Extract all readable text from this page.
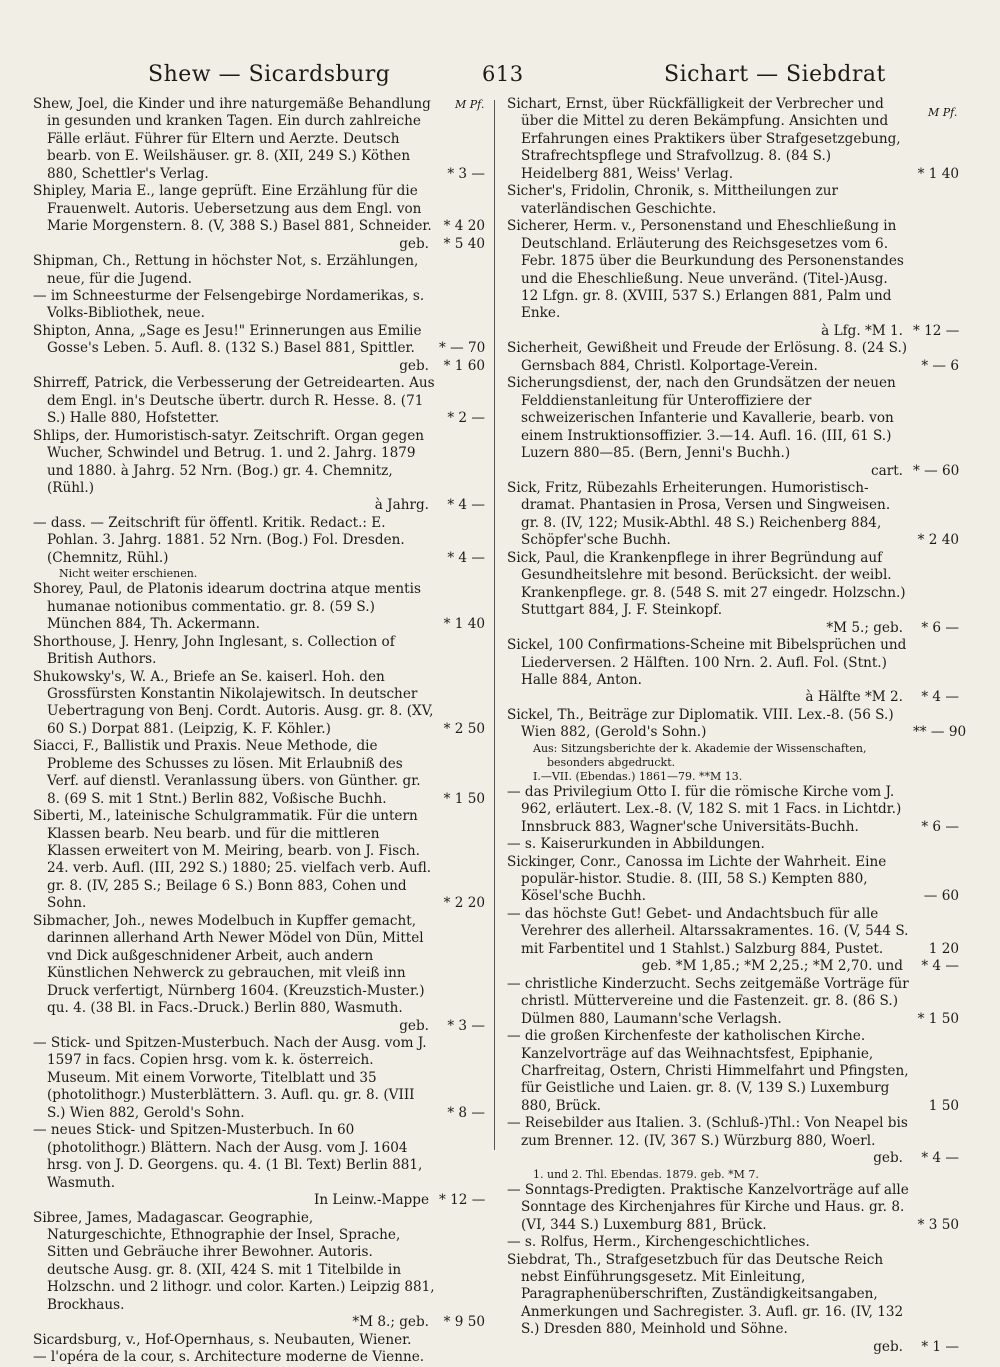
Shew — Sicardsburg	613	Sichart — Siebdrat
M Pf.
M Pf.
Shew, Joel, die Kinder und ihre naturgemäße Behandlung in gesunden und kranken Tagen. Ein durch zahlreiche Fälle erläut. Führer für Eltern und Aerzte. Deutsch bearb. von E. Weilshäuser. gr. 8. (XII, 249 S.) Köthen 880, Schettler's Verlag.	* 3 —
Shipley, Maria E., lange geprüft. Eine Erzählung für die Frauenwelt. Autoris. Uebersetzung aus dem Engl. von Marie Morgenstern. 8. (V, 388 S.) Basel 881, Schneider. * 4 20
geb.	* 5 40
Shipman, Ch., Rettung in höchster Not, s. Erzählungen, neue, für die Jugend.
— im Schneesturme der Felsengebirge Nordamerikas, s. Volks-Bibliothek, neue.
Shipton, Anna, „Sage es Jesu!" Erinnerungen aus Emilie Gosse's Leben. 5. Aufl. 8. (132 S.) Basel 881, Spittler. * — 70
geb.	* 1 60
Shirreff, Patrick, die Verbesserung der Getreidearten. Aus dem Engl. in's Deutsche übertr. durch R. Hesse. 8. (71 S.) Halle 880, Hofstetter.	* 2 —
Shlips, der. Humoristisch-satyr. Zeitschrift. Organ gegen Wucher, Schwindel und Betrug. 1. und 2. Jahrg. 1879 und 1880. à Jahrg. 52 Nrn. (Bog.) gr. 4. Chemnitz, (Rühl.)
à Jahrg.	* 4 —
— dass. — Zeitschrift für öffentl. Kritik. Redact.: E. Pohlan. 3. Jahrg. 1881. 52 Nrn. (Bog.) Fol. Dresden. (Chemnitz, Rühl.)	* 4 —
Nicht weiter erschienen.
Shorey, Paul, de Platonis idearum doctrina atque mentis humanae notionibus commentatio. gr. 8. (59 S.) München 884, Th. Ackermann.	* 1 40
Shorthouse, J. Henry, John Inglesant, s. Collection of British Authors.
Shukowsky's, W. A., Briefe an Se. kaiserl. Hoh. den Grossfürsten Konstantin Nikolajewitsch. In deutscher Uebertragung von Benj. Cordt. Autoris. Ausg. gr. 8. (XV, 60 S.) Dorpat 881. (Leipzig, K. F. Köhler.)	* 2 50
Siacci, F., Ballistik und Praxis. Neue Methode, die Probleme des Schusses zu lösen. Mit Erlaubniß des Verf. auf dienstl. Veranlassung übers. von Günther. gr. 8. (69 S. mit 1 Stnt.) Berlin 882, Voßische Buchh.	* 1 50
Siberti, M., lateinische Schulgrammatik. Für die untern Klassen bearb. Neu bearb. und für die mittleren Klassen erweitert von M. Meiring, bearb. von J. Fisch. 24. verb. Aufl. (III, 292 S.) 1880; 25. vielfach verb. Aufl. gr. 8. (IV, 285 S.; Beilage 6 S.) Bonn 883, Cohen und Sohn.	* 2 20
Sibmacher, Joh., newes Modelbuch in Kupffer gemacht, darinnen allerhand Arth Newer Mödel von Dün, Mittel vnd Dick außgeschnidener Arbeit, auch andern Künstlichen Nehwerck zu gebrauchen, mit vleiß inn Druck verfertigt, Nürnberg 1604. (Kreuzstich-Muster.) qu. 4. (38 Bl. in Facs.-Druck.) Berlin 880, Wasmuth.
geb.	* 3 —
— Stick- und Spitzen-Musterbuch. Nach der Ausg. vom J. 1597 in facs. Copien hrsg. vom k. k. österreich. Museum. Mit einem Vorworte, Titelblatt und 35 (photolithogr.) Musterblättern. 3. Aufl. qu. gr. 8. (VIII S.) Wien 882, Gerold's Sohn.	* 8 —
— neues Stick- und Spitzen-Musterbuch. In 60 (photolithogr.) Blättern. Nach der Ausg. vom J. 1604 hrsg. von J. D. Georgens. qu. 4. (1 Bl. Text) Berlin 881, Wasmuth.
In Leinw.-Mappe * 12 —
Sibree, James, Madagascar. Geographie, Naturgeschichte, Ethnographie der Insel, Sprache, Sitten und Gebräuche ihrer Bewohner. Autoris. deutsche Ausg. gr. 8. (XII, 424 S. mit 1 Titelbilde in Holzschn. und 2 lithogr. und color. Karten.) Leipzig 881, Brockhaus.
*M 8.; geb.	* 9 50
Sicardsburg, v., Hof-Opernhaus, s. Neubauten, Wiener.
— l'opéra de la cour, s. Architecture moderne de Vienne.
Sichart, Ernst, über Rückfälligkeit der Verbrecher und über die Mittel zu deren Bekämpfung. Ansichten und Erfahrungen eines Praktikers über Strafgesetzgebung, Strafrechtspflege und Strafvollzug. 8. (84 S.) Heidelberg 881, Weiss' Verlag.	* 1 40
Sicher's, Fridolin, Chronik, s. Mittheilungen zur vaterländischen Geschichte.
Sicherer, Herm. v., Personenstand und Eheschließung in Deutschland. Erläuterung des Reichsgesetzes vom 6. Febr. 1875 über die Beurkundung des Personenstandes und die Eheschließung. Neue unveränd. (Titel-)Ausg. 12 Lfgn. gr. 8. (XVIII, 537 S.) Erlangen 881, Palm und Enke.
à Lfg. *M 1. * 12 —
Sicherheit, Gewißheit und Freude der Erlösung. 8. (24 S.) Gernsbach 884, Christl. Kolportage-Verein.	* — 6
Sicherungsdienst, der, nach den Grundsätzen der neuen Felddienstanleitung für Unteroffiziere der schweizerischen Infanterie und Kavallerie, bearb. von einem Instruktionsoffizier. 3.—14. Aufl. 16. (III, 61 S.) Luzern 880—85. (Bern, Jenni's Buchh.)
cart. * — 60
Sick, Fritz, Rübezahls Erheiterungen. Humoristisch-dramat. Phantasien in Prosa, Versen und Singweisen. gr. 8. (IV, 122; Musik-Abthl. 48 S.) Reichenberg 884, Schöpfer'sche Buchh.	* 2 40
Sick, Paul, die Krankenpflege in ihrer Begründung auf Gesundheitslehre mit besond. Berücksicht. der weibl. Krankenpflege. gr. 8. (548 S. mit 27 eingedr. Holzschn.) Stuttgart 884, J. F. Steinkopf.
*M 5.; geb.	* 6 —
Sickel, 100 Confirmations-Scheine mit Bibelsprüchen und Liederversen. 2 Hälften. 100 Nrn. 2. Aufl. Fol. (Stnt.) Halle 884, Anton.
à Hälfte *M 2.	* 4 —
Sickel, Th., Beiträge zur Diplomatik. VIII. Lex.-8. (56 S.) Wien 882, (Gerold's Sohn.)	** — 90
Aus: Sitzungsberichte der k. Akademie der Wissenschaften, besonders abgedruckt.
I.—VII. (Ebendas.) 1861—79. **M 13.
— das Privilegium Otto I. für die römische Kirche vom J. 962, erläutert. Lex.-8. (V, 182 S. mit 1 Facs. in Lichtdr.) Innsbruck 883, Wagner'sche Universitäts-Buchh.	* 6 —
— s. Kaiserurkunden in Abbildungen.
Sickinger, Conr., Canossa im Lichte der Wahrheit. Eine populär-histor. Studie. 8. (III, 58 S.) Kempten 880, Kösel'sche Buchh.	— 60
— das höchste Gut! Gebet- und Andachtsbuch für alle Verehrer des allerheil. Altarssakramentes. 16. (V, 544 S. mit Farbentitel und 1 Stahlst.) Salzburg 884, Pustet.	1 20
geb. *M 1,85.; *M 2,25.; *M 2,70. und	* 4 —
— christliche Kinderzucht. Sechs zeitgemäße Vorträge für christl. Müttervereine und die Fastenzeit. gr. 8. (86 S.) Dülmen 880, Laumann'sche Verlagsh.	* 1 50
— die großen Kirchenfeste der katholischen Kirche. Kanzelvorträge auf das Weihnachtsfest, Epiphanie, Charfreitag, Ostern, Christi Himmelfahrt und Pfingsten, für Geistliche und Laien. gr. 8. (V, 139 S.) Luxemburg 880, Brück.	1 50
— Reisebilder aus Italien. 3. (Schluß-)Thl.: Von Neapel bis zum Brenner. 12. (IV, 367 S.) Würzburg 880, Woerl.
geb.	* 4 —
1. und 2. Thl. Ebendas. 1879. geb. *M 7.
— Sonntags-Predigten. Praktische Kanzelvorträge auf alle Sonntage des Kirchenjahres für Kirche und Haus. gr. 8. (VI, 344 S.) Luxemburg 881, Brück.	* 3 50
— s. Rolfus, Herm., Kirchengeschichtliches.
Siebdrat, Th., Strafgesetzbuch für das Deutsche Reich nebst Einführungsgesetz. Mit Einleitung, Paragraphenüberschriften, Zuständigkeitsangaben, Anmerkungen und Sachregister. 3. Aufl. gr. 16. (IV, 132 S.) Dresden 880, Meinhold und Söhne.
geb.	* 1 —
